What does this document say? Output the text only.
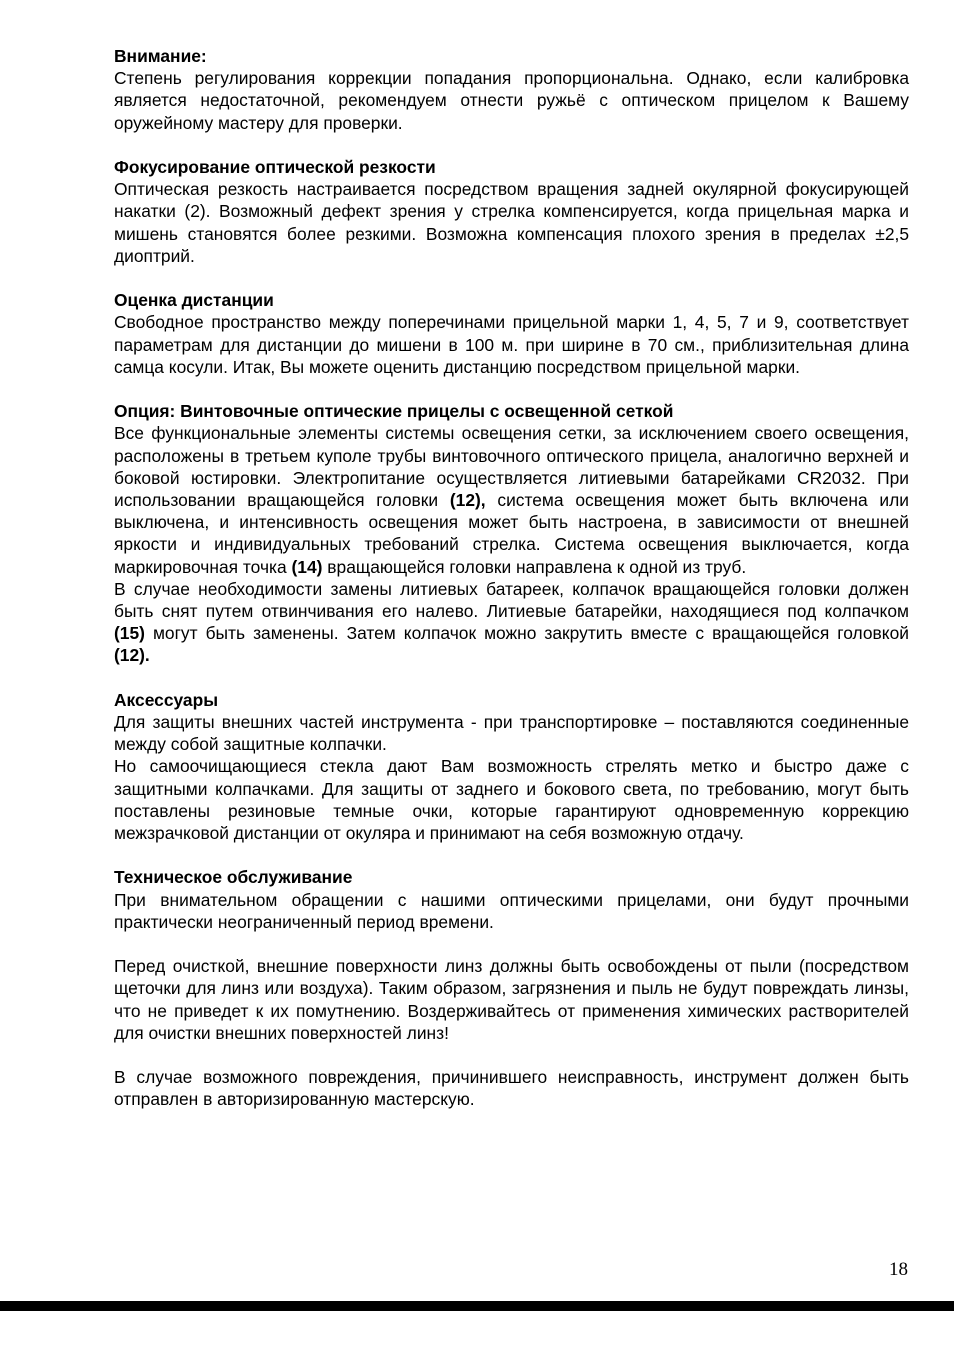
Внимание:

Степень регулирования коррекции попадания пропорциональна. Однако, если калибровка является недостаточной, рекомендуем отнести ружьё с оптическом прицелом к Вашему оружейному мастеру для проверки.

Фокусирование оптической резкости

Оптическая резкость настраивается посредством вращения задней окулярной фокусирующей накатки (2). Возможный дефект зрения у стрелка компенсируется, когда прицельная марка и мишень становятся более резкими. Возможна компенсация плохого зрения в пределах ±2,5 диоптрий.

Оценка дистанции

Свободное пространство между поперечинами прицельной марки 1, 4, 5, 7 и 9, соответствует параметрам для дистанции до мишени в 100 м. при ширине в 70 см., приблизительная длина самца косули. Итак, Вы можете оценить дистанцию посредством прицельной марки.

Опция: Винтовочные оптические прицелы с освещенной сеткой

Все функциональные элементы системы освещения сетки, за исключением своего освещения, расположены в третьем куполе трубы винтовочного оптического прицела, аналогично верхней и боковой юстировки. Электропитание осуществляется литиевыми батарейками CR2032. При использовании вращающейся головки (12), система освещения может быть включена или выключена, и интенсивность освещения может быть настроена, в зависимости от внешней яркости и индивидуальных требований стрелка. Система освещения выключается, когда маркировочная точка (14) вращающейся головки направлена к одной из труб.

В случае необходимости замены литиевых батареек, колпачок вращающейся головки должен быть снят путем отвинчивания его налево. Литиевые батарейки, находящиеся под колпачком (15) могут быть заменены. Затем колпачок можно закрутить вместе с вращающейся головкой (12).

Аксессуары

Для защиты внешних частей инструмента - при транспортировке – поставляются соединенные между собой защитные колпачки.

Но самоочищающиеся стекла дают Вам возможность стрелять метко и быстро даже с защитными колпачками. Для защиты от заднего и бокового света, по требованию, могут быть поставлены резиновые темные очки, которые гарантируют одновременную коррекцию межзрачковой дистанции от окуляра и принимают на себя возможную отдачу.

Техническое обслуживание

При внимательном обращении с нашими оптическими прицелами, они будут прочными практически неограниченный период времени.

Перед очисткой, внешние поверхности линз должны быть освобождены от пыли (посредством щеточки для линз или воздуха). Таким образом, загрязнения и пыль не будут повреждать линзы, что не приведет к их помутнению. Воздерживайтесь от применения химических растворителей для очистки внешних поверхностей линз!

В случае возможного повреждения, причинившего неисправность, инструмент должен быть отправлен в авторизированную мастерскую.

18
